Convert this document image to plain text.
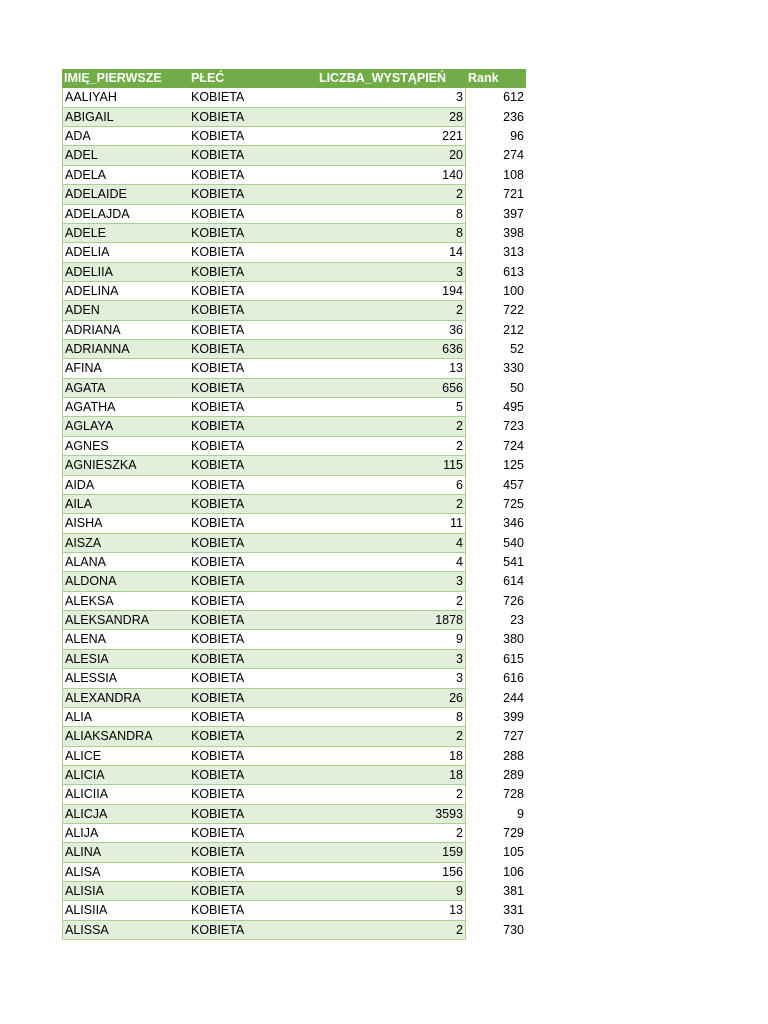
IMIĘ_PIERWSZE	PŁEĆ	LICZBA_WYSTĄPIEŃ	Rank
AALIYAH	KOBIETA	3	612
ABIGAIL	KOBIETA	28	236
ADA	KOBIETA	221	96
ADEL	KOBIETA	20	274
ADELA	KOBIETA	140	108
ADELAIDE	KOBIETA	2	721
ADELAJDA	KOBIETA	8	397
ADELE	KOBIETA	8	398
ADELIA	KOBIETA	14	313
ADELIIA	KOBIETA	3	613
ADELINA	KOBIETA	194	100
ADEN	KOBIETA	2	722
ADRIANA	KOBIETA	36	212
ADRIANNA	KOBIETA	636	52
AFINA	KOBIETA	13	330
AGATA	KOBIETA	656	50
AGATHA	KOBIETA	5	495
AGLAYA	KOBIETA	2	723
AGNES	KOBIETA	2	724
AGNIESZKA	KOBIETA	115	125
AIDA	KOBIETA	6	457
AILA	KOBIETA	2	725
AISHA	KOBIETA	11	346
AISZA	KOBIETA	4	540
ALANA	KOBIETA	4	541
ALDONA	KOBIETA	3	614
ALEKSA	KOBIETA	2	726
ALEKSANDRA	KOBIETA	1878	23
ALENA	KOBIETA	9	380
ALESIA	KOBIETA	3	615
ALESSIA	KOBIETA	3	616
ALEXANDRA	KOBIETA	26	244
ALIA	KOBIETA	8	399
ALIAKSANDRA	KOBIETA	2	727
ALICE	KOBIETA	18	288
ALICIA	KOBIETA	18	289
ALICIIA	KOBIETA	2	728
ALICJA	KOBIETA	3593	9
ALIJA	KOBIETA	2	729
ALINA	KOBIETA	159	105
ALISA	KOBIETA	156	106
ALISIA	KOBIETA	9	381
ALISIIA	KOBIETA	13	331
ALISSA	KOBIETA	2	730
